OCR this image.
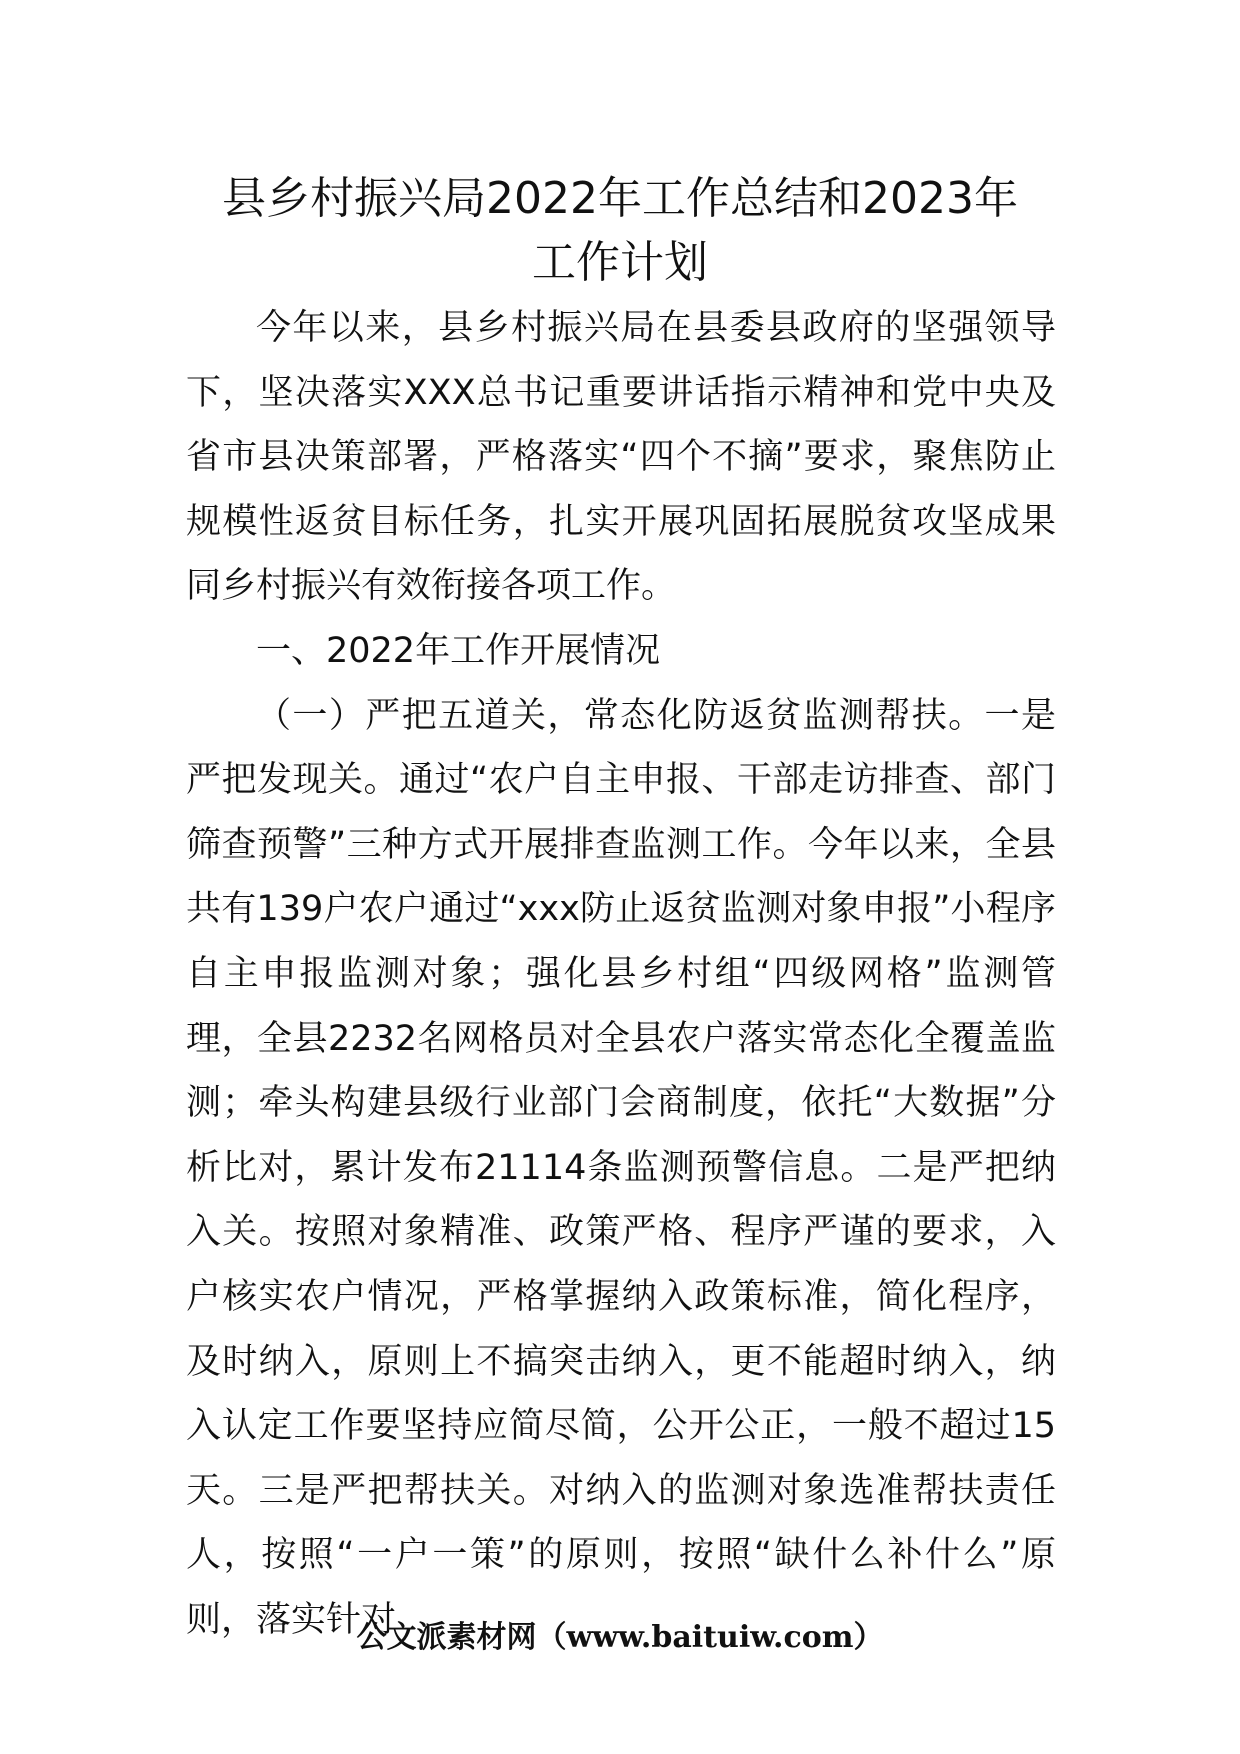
县乡村振兴局2022年工作总结和2023年
工作计划

今年以来，县乡村振兴局在县委县政府的坚强领导下，坚决落实XXX总书记重要讲话指示精神和党中央及省市县决策部署，严格落实“四个不摘”要求，聚焦防止规模性返贫目标任务，扎实开展巩固拓展脱贫攻坚成果同乡村振兴有效衔接各项工作。

一、2022年工作开展情况

（一）严把五道关，常态化防返贫监测帮扶。一是严把发现关。通过“农户自主申报、干部走访排查、部门筛查预警”三种方式开展排查监测工作。今年以来，全县共有139户农户通过“xxx防止返贫监测对象申报”小程序自主申报监测对象；强化县乡村组“四级网格”监测管理，全县2232名网格员对全县农户落实常态化全覆盖监测；牵头构建县级行业部门会商制度，依托“大数据”分析比对，累计发布21114条监测预警信息。二是严把纳入关。按照对象精准、政策严格、程序严谨的要求，入户核实农户情况，严格掌握纳入政策标准，简化程序，及时纳入，原则上不搞突击纳入，更不能超时纳入，纳入认定工作要坚持应简尽简，公开公正，一般不超过15天。三是严把帮扶关。对纳入的监测对象选准帮扶责任人，按照“一户一策”的原则，按照“缺什么补什么”原则，落实针对

公文派素材网（www.baituiw.com）
